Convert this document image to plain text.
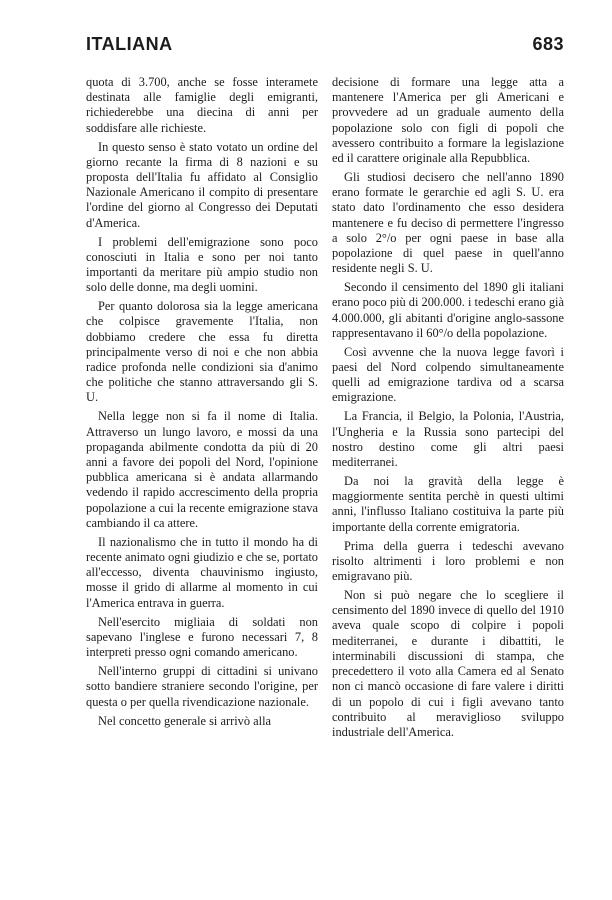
ITALIANA	683

quota di 3.700, anche se fosse interamete destinata alle famiglie degli emigranti, richiederebbe una diecina di anni per soddisfare alle richieste.

In questo senso è stato votato un ordine del giorno recante la firma di 8 nazioni e su proposta dell'Italia fu affidato al Consiglio Nazionale Americano il compito di presentare l'ordine del giorno al Congresso dei Deputati d'America.

I problemi dell'emigrazione sono poco conosciuti in Italia e sono per noi tanto importanti da meritare più ampio studio non solo delle donne, ma degli uomini.

Per quanto dolorosa sia la legge americana che colpisce gravemente l'Italia, non dobbiamo credere che essa fu diretta principalmente verso di noi e che non abbia radice profonda nelle condizioni sia d'animo che politiche che stanno attraversando gli S. U.

Nella legge non si fa il nome di Italia. Attraverso un lungo lavoro, e mossi da una propaganda abilmente condotta da più di 20 anni a favore dei popoli del Nord, l'opinione pubblica americana si è andata allarmando vedendo il rapido accrescimento della propria popolazione a cui la recente emigrazione stava cambiando il ca attere.

Il nazionalismo che in tutto il mondo ha di recente animato ogni giudizio e che se, portato all'eccesso, diventa chauvinismo ingiusto, mosse il grido di allarme al momento in cui l'America entrava in guerra.

Nell'esercito migliaia di soldati non sapevano l'inglese e furono necessari 7, 8 interpreti presso ogni comando americano.

Nell'interno gruppi di cittadini si univano sotto bandiere straniere secondo l'origine, per questa o per quella rivendicazione nazionale.

Nel concetto generale si arrivò alla

decisione di formare una legge atta a mantenere l'America per gli Americani e provvedere ad un graduale aumento della popolazione solo con figli di popoli che avessero contribuito a formare la legislazione ed il carattere originale alla Repubblica.

Gli studiosi decisero che nell'anno 1890 erano formate le gerarchie ed agli S. U. era stato dato l'ordinamento che esso desidera mantenere e fu deciso di permettere l'ingresso a solo 2°/o per ogni paese in base alla popolazione di quel paese in quell'anno residente negli S. U.

Secondo il censimento del 1890 gli italiani erano poco più di 200.000. i tedeschi erano già 4.000.000, gli abitanti d'origine anglo-sassone rappresentavano il 60°/o della popolazione.

Così avvenne che la nuova legge favorì i paesi del Nord colpendo simultaneamente quelli ad emigrazione tardiva od a scarsa emigrazione.

La Francia, il Belgio, la Polonia, l'Austria, l'Ungheria e la Russia sono partecipi del nostro destino come gli altri paesi mediterranei.

Da noi la gravità della legge è maggiormente sentita perchè in questi ultimi anni, l'influsso Italiano costituiva la parte più importante della corrente emigratoria.

Prima della guerra i tedeschi avevano risolto altrimenti i loro problemi e non emigravano più.

Non si può negare che lo scegliere il censimento del 1890 invece di quello del 1910 aveva quale scopo di colpire i popoli mediterranei, e durante i dibattiti, le interminabili discussioni di stampa, che precedettero il voto alla Camera ed al Senato non ci mancò occasione di fare valere i diritti di un popolo di cui i figli avevano tanto contribuito al meraviglioso sviluppo industriale dell'America.
